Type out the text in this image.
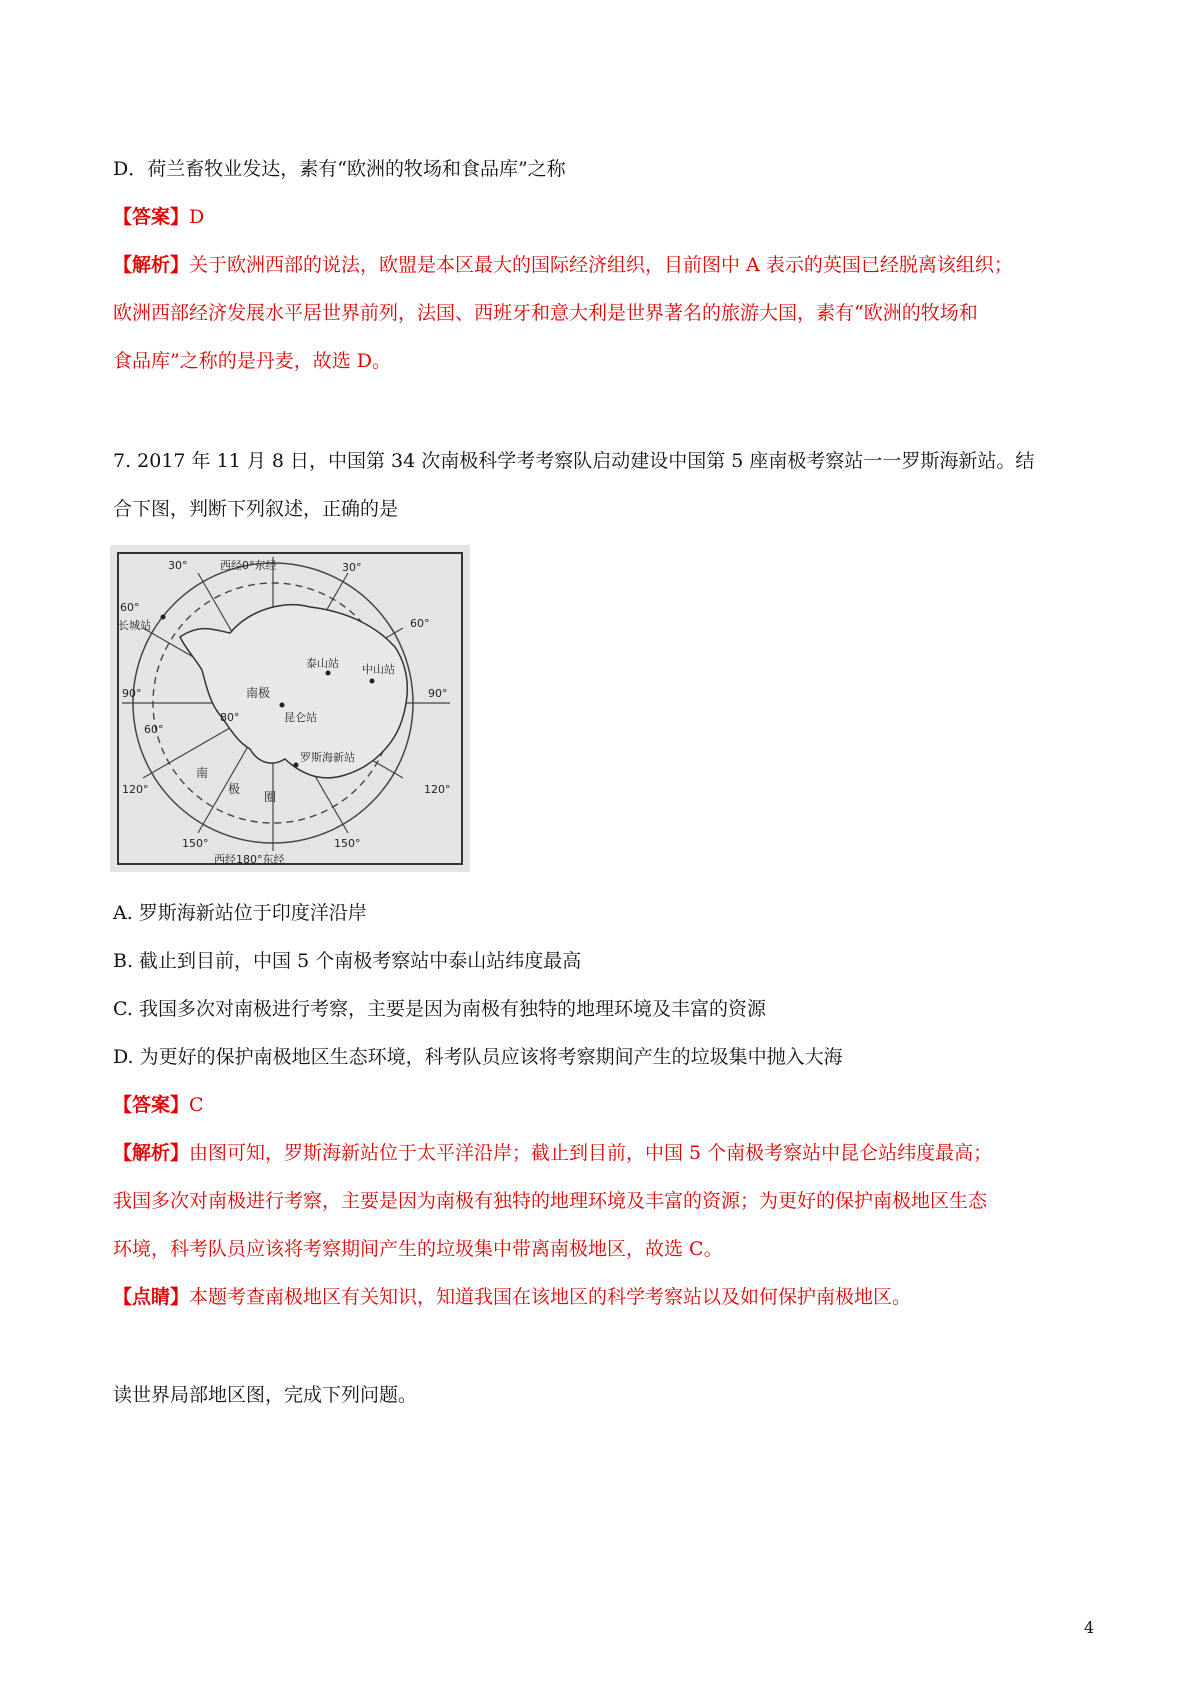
D．荷兰畜牧业发达，素有“欧洲的牧场和食品库”之称
【答案】D
【解析】关于欧洲西部的说法，欧盟是本区最大的国际经济组织，目前图中 A 表示的英国已经脱离该组织；
欧洲西部经济发展水平居世界前列，法国、西班牙和意大利是世界著名的旅游大国，素有“欧洲的牧场和
食品库”之称的是丹麦，故选 D。
7. 2017 年 11 月 8 日，中国第 34 次南极科学考考察队启动建设中国第 5 座南极考察站一一罗斯海新站。结
合下图，判断下列叙述，正确的是
西经0°东经
西经180°东经
30°	30°
60°
60°
90°	90°
120°	120°
150°	150°
80°
60°
南极
长城站
泰山站 中山站
昆仑站
罗斯海新站
南
极
圈
A. 罗斯海新站位于印度洋沿岸
B. 截止到目前，中国 5 个南极考察站中泰山站纬度最高
C. 我国多次对南极进行考察，主要是因为南极有独特的地理环境及丰富的资源
D. 为更好的保护南极地区生态环境，科考队员应该将考察期间产生的垃圾集中抛入大海
【答案】C
【解析】由图可知，罗斯海新站位于太平洋沿岸；截止到目前，中国 5 个南极考察站中昆仑站纬度最高；
我国多次对南极进行考察，主要是因为南极有独特的地理环境及丰富的资源；为更好的保护南极地区生态
环境，科考队员应该将考察期间产生的垃圾集中带离南极地区，故选 C。
【点睛】本题考查南极地区有关知识，知道我国在该地区的科学考察站以及如何保护南极地区。
读世界局部地区图，完成下列问题。
4
